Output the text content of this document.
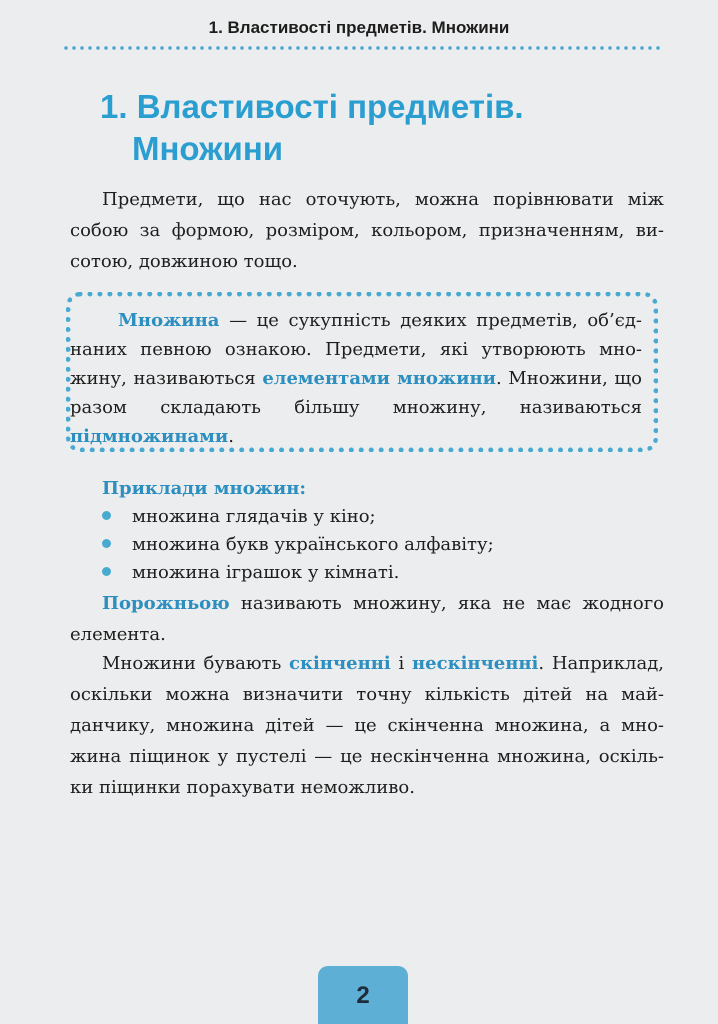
1. Властивості предметів. Множини
1. Властивості предметів.
Множини

Предмети, що нас оточують, можна порівнювати між собою за формою, розміром, кольором, призначенням, ви- сотою, довжиною тощо.

Множина — це сукупність деяких предметів, об’єд- наних певною ознакою. Предмети, які утворюють мно- жину, називаються елементами множини. Множини, що разом складають більшу множину, називаються підмножинами.

Приклади множин:

множина глядачів у кіно;
множина букв українського алфавіту;
множина іграшок у кімнаті.

Порожньою називають множину, яка не має жодного елемента.

Множини бувають скінченні і нескінченні. Наприклад, оскільки можна визначити точну кількість дітей на май- данчику, множина дітей — це скінченна множина, а мно- жина піщинок у пустелі — це нескінченна множина, оскіль- ки піщинки порахувати неможливо.

2
